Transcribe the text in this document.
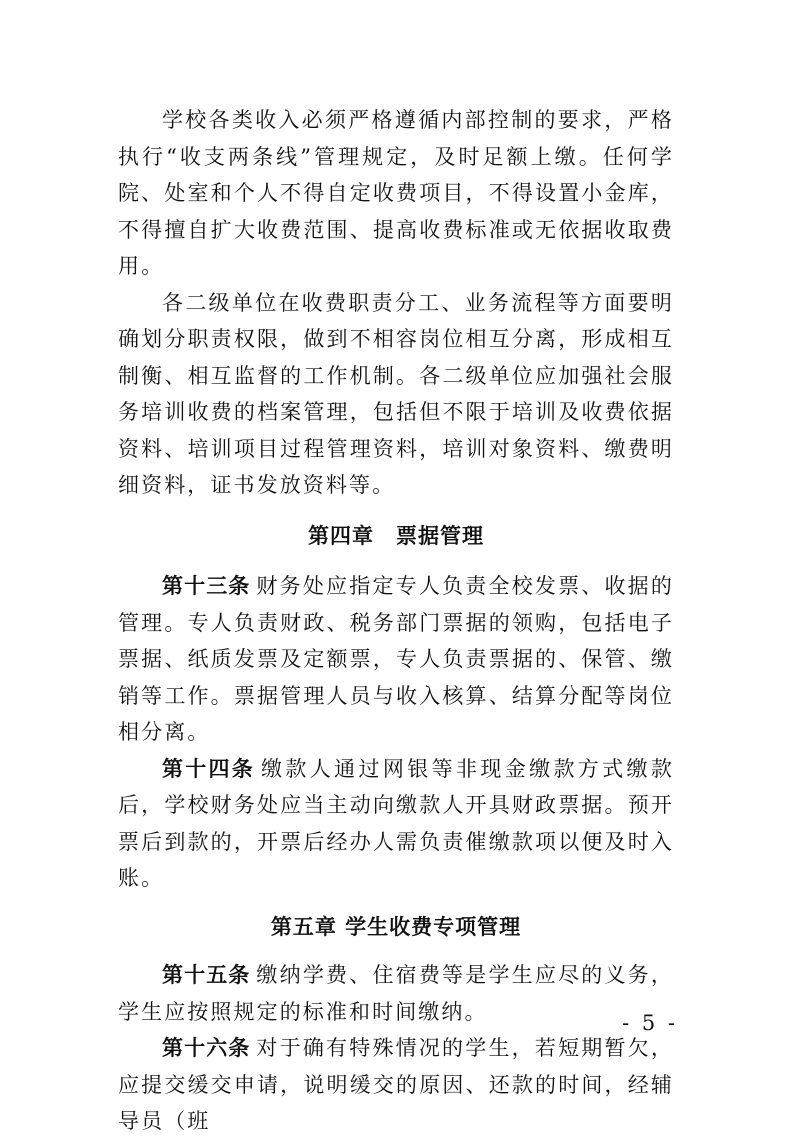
学校各类收入必须严格遵循内部控制的要求，严格执行“收支两条线”管理规定，及时足额上缴。任何学院、处室和个人不得自定收费项目，不得设置小金库，不得擅自扩大收费范围、提高收费标准或无依据收取费用。

各二级单位在收费职责分工、业务流程等方面要明确划分职责权限，做到不相容岗位相互分离，形成相互制衡、相互监督的工作机制。各二级单位应加强社会服务培训收费的档案管理，包括但不限于培训及收费依据资料、培训项目过程管理资料，培训对象资料、缴费明细资料，证书发放资料等。

第四章　票据管理

第十三条 财务处应指定专人负责全校发票、收据的管理。专人负责财政、税务部门票据的领购，包括电子票据、纸质发票及定额票，专人负责票据的、保管、缴销等工作。票据管理人员与收入核算、结算分配等岗位相分离。

第十四条 缴款人通过网银等非现金缴款方式缴款后，学校财务处应当主动向缴款人开具财政票据。预开票后到款的，开票后经办人需负责催缴款项以便及时入账。

第五章 学生收费专项管理

第十五条 缴纳学费、住宿费等是学生应尽的义务，学生应按照规定的标准和时间缴纳。

第十六条 对于确有特殊情况的学生，若短期暂欠，应提交缓交申请，说明缓交的原因、还款的时间，经辅导员（班

- 5 -
